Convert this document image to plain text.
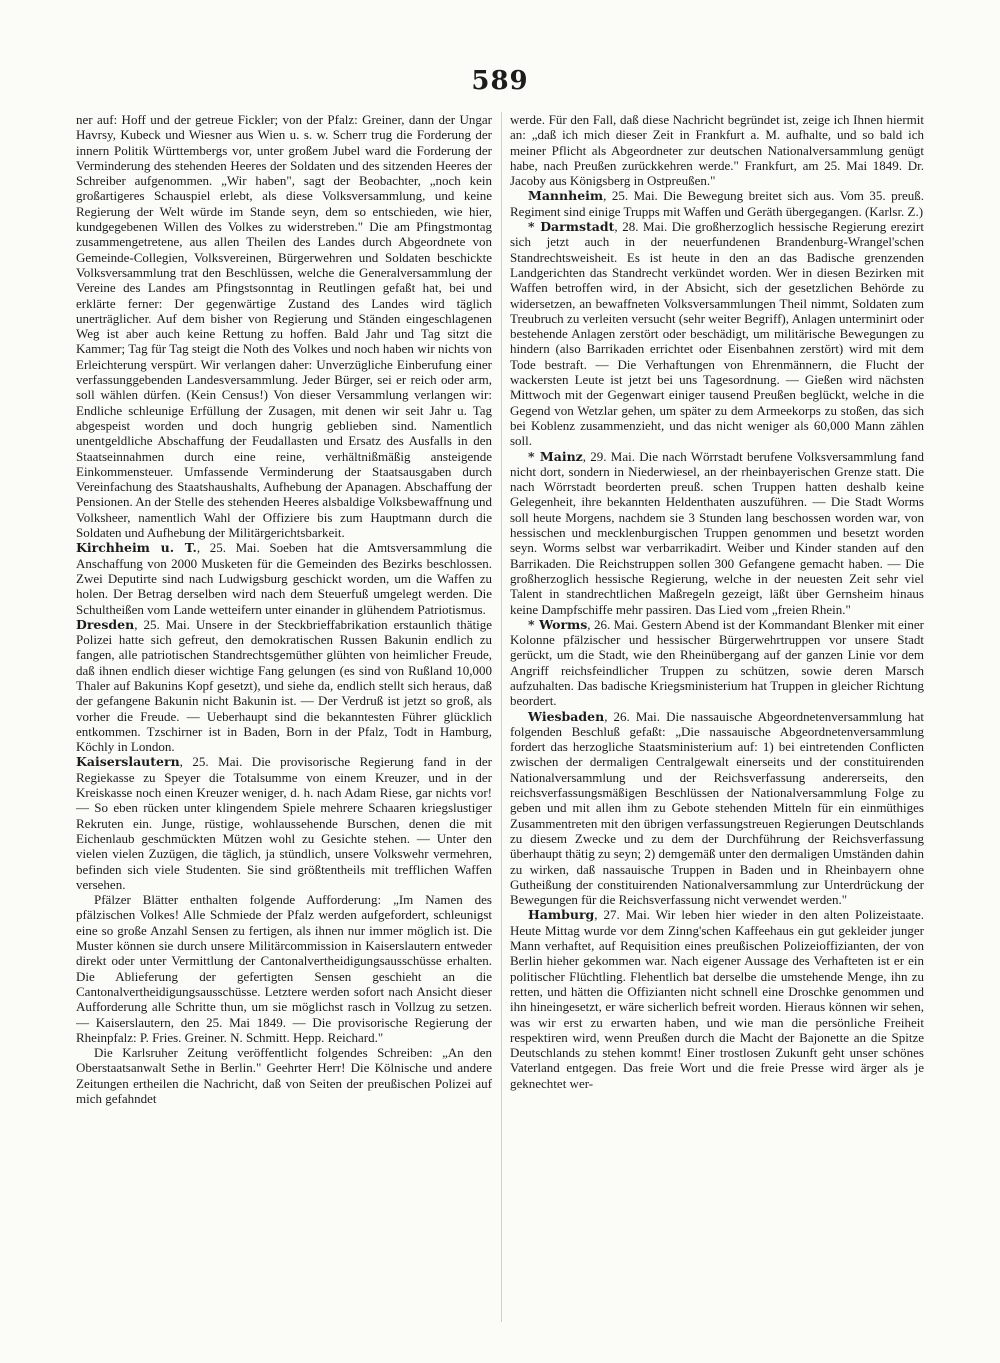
589

ner auf: Hoff und der getreue Fickler; von der Pfalz: Greiner, dann der Ungar Havrsy, Kubeck und Wiesner aus Wien u. s. w. Scherr trug die Forderung der innern Politik Württembergs vor, unter großem Jubel ward die Forderung der Verminderung des stehenden Heeres der Soldaten und des sitzenden Heeres der Schreiber aufgenommen. „Wir haben", sagt der Beobachter, „noch kein großartigeres Schauspiel erlebt, als diese Volksversammlung, und keine Regierung der Welt würde im Stande seyn, dem so entschieden, wie hier, kundgegebenen Willen des Volkes zu widerstreben." Die am Pfingstmontag zusammengetretene, aus allen Theilen des Landes durch Abgeordnete von Gemeinde-Collegien, Volksvereinen, Bürgerwehren und Soldaten beschickte Volksversammlung trat den Beschlüssen, welche die Generalversammlung der Vereine des Landes am Pfingstsonntag in Reutlingen gefaßt hat, bei und erklärte ferner: Der gegenwärtige Zustand des Landes wird täglich unerträglicher. Auf dem bisher von Regierung und Ständen eingeschlagenen Weg ist aber auch keine Rettung zu hoffen. Bald Jahr und Tag sitzt die Kammer; Tag für Tag steigt die Noth des Volkes und noch haben wir nichts von Erleichterung verspürt. Wir verlangen daher: Unverzügliche Einberufung einer verfassunggebenden Landesversammlung. Jeder Bürger, sei er reich oder arm, soll wählen dürfen. (Kein Census!) Von dieser Versammlung verlangen wir: Endliche schleunige Erfüllung der Zusagen, mit denen wir seit Jahr u. Tag abgespeist worden und doch hungrig geblieben sind. Namentlich unentgeldliche Abschaffung der Feudallasten und Ersatz des Ausfalls in den Staatseinnahmen durch eine reine, verhältnißmäßig ansteigende Einkommensteuer. Umfassende Verminderung der Staatsausgaben durch Vereinfachung des Staatshaushalts, Aufhebung der Apanagen. Abschaffung der Pensionen. An der Stelle des stehenden Heeres alsbaldige Volksbewaffnung und Volksheer, namentlich Wahl der Offiziere bis zum Hauptmann durch die Soldaten und Aufhebung der Militärgerichtsbarkeit.

Kirchheim u. T., 25. Mai. Soeben hat die Amtsversammlung die Anschaffung von 2000 Musketen für die Gemeinden des Bezirks beschlossen. Zwei Deputirte sind nach Ludwigsburg geschickt worden, um die Waffen zu holen. Der Betrag derselben wird nach dem Steuerfuß umgelegt werden. Die Schultheißen vom Lande wetteifern unter einander in glühendem Patriotismus.

Dresden, 25. Mai. Unsere in der Steckbrieffabrikation erstaunlich thätige Polizei hatte sich gefreut, den demokratischen Russen Bakunin endlich zu fangen, alle patriotischen Standrechtsgemüther glühten von heimlicher Freude, daß ihnen endlich dieser wichtige Fang gelungen (es sind von Rußland 10,000 Thaler auf Bakunins Kopf gesetzt), und siehe da, endlich stellt sich heraus, daß der gefangene Bakunin nicht Bakunin ist. — Der Verdruß ist jetzt so groß, als vorher die Freude. — Ueberhaupt sind die bekanntesten Führer glücklich entkommen. Tzschirner ist in Baden, Born in der Pfalz, Todt in Hamburg, Köchly in London.

Kaiserslautern, 25. Mai. Die provisorische Regierung fand in der Regiekasse zu Speyer die Totalsumme von einem Kreuzer, und in der Kreiskasse noch einen Kreuzer weniger, d. h. nach Adam Riese, gar nichts vor! — So eben rücken unter klingendem Spiele mehrere Schaaren kriegslustiger Rekruten ein. Junge, rüstige, wohlaussehende Burschen, denen die mit Eichenlaub geschmückten Mützen wohl zu Gesichte stehen. — Unter den vielen vielen Zuzügen, die täglich, ja stündlich, unsere Volkswehr vermehren, befinden sich viele Studenten. Sie sind größtentheils mit trefflichen Waffen versehen.

Pfälzer Blätter enthalten folgende Aufforderung: „Im Namen des pfälzischen Volkes! Alle Schmiede der Pfalz werden aufgefordert, schleunigst eine so große Anzahl Sensen zu fertigen, als ihnen nur immer möglich ist. Die Muster können sie durch unsere Militärcommission in Kaiserslautern entweder direkt oder unter Vermittlung der Cantonalvertheidigungsausschüsse erhalten. Die Ablieferung der gefertigten Sensen geschieht an die Cantonalvertheidigungsausschüsse. Letztere werden sofort nach Ansicht dieser Aufforderung alle Schritte thun, um sie möglichst rasch in Vollzug zu setzen. — Kaiserslautern, den 25. Mai 1849. — Die provisorische Regierung der Rheinpfalz: P. Fries. Greiner. N. Schmitt. Hepp. Reichard."

Die Karlsruher Zeitung veröffentlicht folgendes Schreiben: „An den Oberstaatsanwalt Sethe in Berlin." Geehrter Herr! Die Kölnische und andere Zeitungen ertheilen die Nachricht, daß von Seiten der preußischen Polizei auf mich gefahndet

werde. Für den Fall, daß diese Nachricht begründet ist, zeige ich Ihnen hiermit an: „daß ich mich dieser Zeit in Frankfurt a. M. aufhalte, und so bald ich meiner Pflicht als Abgeordneter zur deutschen Nationalversammlung genügt habe, nach Preußen zurückkehren werde." Frankfurt, am 25. Mai 1849. Dr. Jacoby aus Königsberg in Ostpreußen."

Mannheim, 25. Mai. Die Bewegung breitet sich aus. Vom 35. preuß. Regiment sind einige Trupps mit Waffen und Geräth übergegangen. (Karlsr. Z.)

* Darmstadt, 28. Mai. Die großherzoglich hessische Regierung erezirt sich jetzt auch in der neuerfundenen Brandenburg-Wrangel'schen Standrechtsweisheit. Es ist heute in den an das Badische grenzenden Landgerichten das Standrecht verkündet worden. Wer in diesen Bezirken mit Waffen betroffen wird, in der Absicht, sich der gesetzlichen Behörde zu widersetzen, an bewaffneten Volksversammlungen Theil nimmt, Soldaten zum Treubruch zu verleiten versucht (sehr weiter Begriff), Anlagen unterminirt oder bestehende Anlagen zerstört oder beschädigt, um militärische Bewegungen zu hindern (also Barrikaden errichtet oder Eisenbahnen zerstört) wird mit dem Tode bestraft. — Die Verhaftungen von Ehrenmännern, die Flucht der wackersten Leute ist jetzt bei uns Tagesordnung. — Gießen wird nächsten Mittwoch mit der Gegenwart einiger tausend Preußen beglückt, welche in die Gegend von Wetzlar gehen, um später zu dem Armeekorps zu stoßen, das sich bei Koblenz zusammenzieht, und das nicht weniger als 60,000 Mann zählen soll.

* Mainz, 29. Mai. Die nach Wörrstadt berufene Volksversammlung fand nicht dort, sondern in Niederwiesel, an der rheinbayerischen Grenze statt. Die nach Wörrstadt beorderten preuß. schen Truppen hatten deshalb keine Gelegenheit, ihre bekannten Heldenthaten auszuführen. — Die Stadt Worms soll heute Morgens, nachdem sie 3 Stunden lang beschossen worden war, von hessischen und mecklenburgischen Truppen genommen und besetzt worden seyn. Worms selbst war verbarrikadirt. Weiber und Kinder standen auf den Barrikaden. Die Reichstruppen sollen 300 Gefangene gemacht haben. — Die großherzoglich hessische Regierung, welche in der neuesten Zeit sehr viel Talent in standrechtlichen Maßregeln gezeigt, läßt über Gernsheim hinaus keine Dampfschiffe mehr passiren. Das Lied vom „freien Rhein."

* Worms, 26. Mai. Gestern Abend ist der Kommandant Blenker mit einer Kolonne pfälzischer und hessischer Bürgerwehrtruppen vor unsere Stadt gerückt, um die Stadt, wie den Rheinübergang auf der ganzen Linie vor dem Angriff reichsfeindlicher Truppen zu schützen, sowie deren Marsch aufzuhalten. Das badische Kriegsministerium hat Truppen in gleicher Richtung beordert.

Wiesbaden, 26. Mai. Die nassauische Abgeordnetenversammlung hat folgenden Beschluß gefaßt: „Die nassauische Abgeordnetenversammlung fordert das herzogliche Staatsministerium auf: 1) bei eintretenden Conflicten zwischen der dermaligen Centralgewalt einerseits und der constituirenden Nationalversammlung und der Reichsverfassung andererseits, den reichsverfassungsmäßigen Beschlüssen der Nationalversammlung Folge zu geben und mit allen ihm zu Gebote stehenden Mitteln für ein einmüthiges Zusammentreten mit den übrigen verfassungstreuen Regierungen Deutschlands zu diesem Zwecke und zu dem der Durchführung der Reichsverfassung überhaupt thätig zu seyn; 2) demgemäß unter den dermaligen Umständen dahin zu wirken, daß nassauische Truppen in Baden und in Rheinbayern ohne Gutheißung der constituirenden Nationalversammlung zur Unterdrückung der Bewegungen für die Reichsverfassung nicht verwendet werden."

Hamburg, 27. Mai. Wir leben hier wieder in den alten Polizeistaate. Heute Mittag wurde vor dem Zinng'schen Kaffeehaus ein gut gekleider junger Mann verhaftet, auf Requisition eines preußischen Polizeioffizianten, der von Berlin hieher gekommen war. Nach eigener Aussage des Verhafteten ist er ein politischer Flüchtling. Flehentlich bat derselbe die umstehende Menge, ihn zu retten, und hätten die Offizianten nicht schnell eine Droschke genommen und ihn hineingesetzt, er wäre sicherlich befreit worden. Hieraus können wir sehen, was wir erst zu erwarten haben, und wie man die persönliche Freiheit respektiren wird, wenn Preußen durch die Macht der Bajonette an die Spitze Deutschlands zu stehen kommt! Einer trostlosen Zukunft geht unser schönes Vaterland entgegen. Das freie Wort und die freie Presse wird ärger als je geknechtet wer-
